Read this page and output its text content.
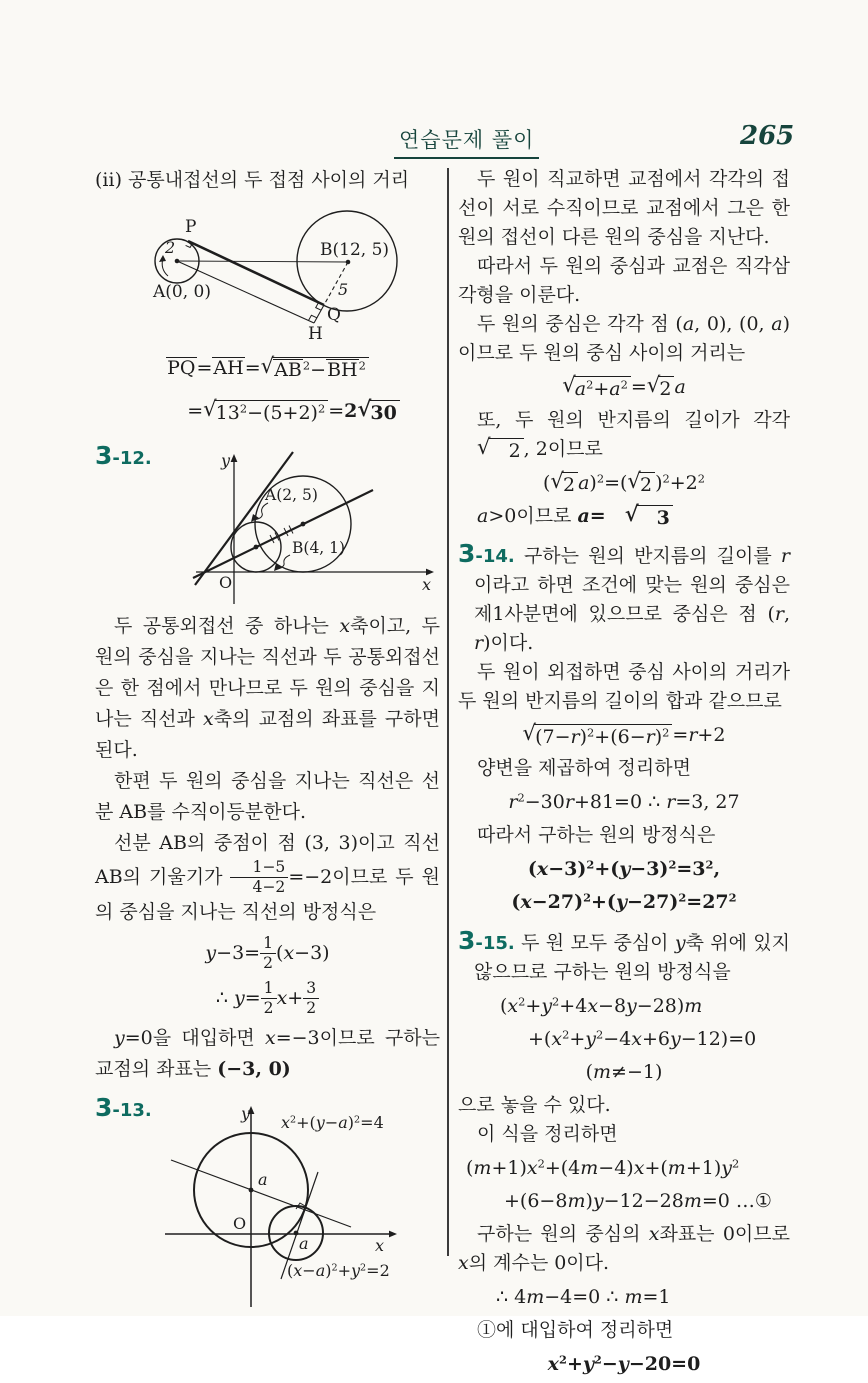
연습문제 풀이	265

(ⅱ) 공통내접선의 두 접점 사이의 거리

P
B(12, 5)
A(0, 0)
Q
H
5
2
PQ=AH= √ $AB^2-BH^2$
= √ $13^2-(5+2)^2 =2$ √ 30
3-12.	y
x
O
A(2, 5)
B(4, 1)

두 공통외접선 중 하나는 x축이고, 두 원의 중심을 지나는 직선과 두 공통외접선은 한 점에서 만나므로 두 원의 중심을 지나는 직선과 x축의 교점의 좌표를 구하면 된다.

한편 두 원의 중심을 지나는 직선은 선분 AB를 수직이등분한다.

선분 AB의 중점이 점 (3, 3)이고 직선 AB의 기울기가 $\frac{1-5}{4-2} =-2$이므로 두 원의 중심을 지나는 직선의 방정식은

$y-3= \frac{1}{2} (x-3)$
∴ $y= \frac{1}{2} x+ \frac{3}{2}$

y=0을 대입하면 x=−3이므로 구하는 교점의 좌표는 (−3, 0)

3-13.	y
x
O
a
a
$x^2+(y-a)^2=4$
$(x-a)^2+y^2=2$

두 원이 직교하면 교점에서 각각의 접선이 서로 수직이므로 교점에서 그은 한 원의 접선이 다른 원의 중심을 지난다.

따라서 두 원의 중심과 교점은 직각삼각형을 이룬다.

두 원의 중심은 각각 점 (a, 0), (0, a)이므로 두 원의 중심 사이의 거리는

√ $a^2+a^2$ = √ 2 a

또, 두 원의 반지름의 길이가 각각
√ 2 , 2이므로

( √ 2 a)$^2$=( √ 2 )$^2+2^2$

a>0이므로 a= √ 3

3-14. 구하는 원의 반지름의 길이를 r이라고 하면 조건에 맞는 원의 중심은 제1사분면에 있으므로 중심은 점 (r, r)이다.

두 원이 외접하면 중심 사이의 거리가 두 원의 반지름의 길이의 합과 같으므로

√ $(7-r)^2+(6-r)^2 =r+2$

양변을 제곱하여 정리하면

$r^2-30r+81=0$ ∴ r=3, 27

따라서 구하는 원의 방정식은

$(x-3)^2+(y-3)^2=3^2$,
$(x-27)^2+(y-27)^2=27^2$

3-15. 두 원 모두 중심이 y축 위에 있지 않으므로 구하는 원의 방정식을

$(x^2+y^2+4x-8y-28)m$
$+(x^2+y^2-4x+6y-12)=0$
(m≠−1)

으로 놓을 수 있다.

이 식을 정리하면

$(m+1)x^2+(4m-4)x+(m+1)y^2$
+(6−8m)y−12−28m=0 …①

구하는 원의 중심의 x좌표는 0이므로 x의 계수는 0이다.

∴ 4m−4=0 ∴ m=1

①에 대입하여 정리하면

$x^2+y^2-y-20=0$
